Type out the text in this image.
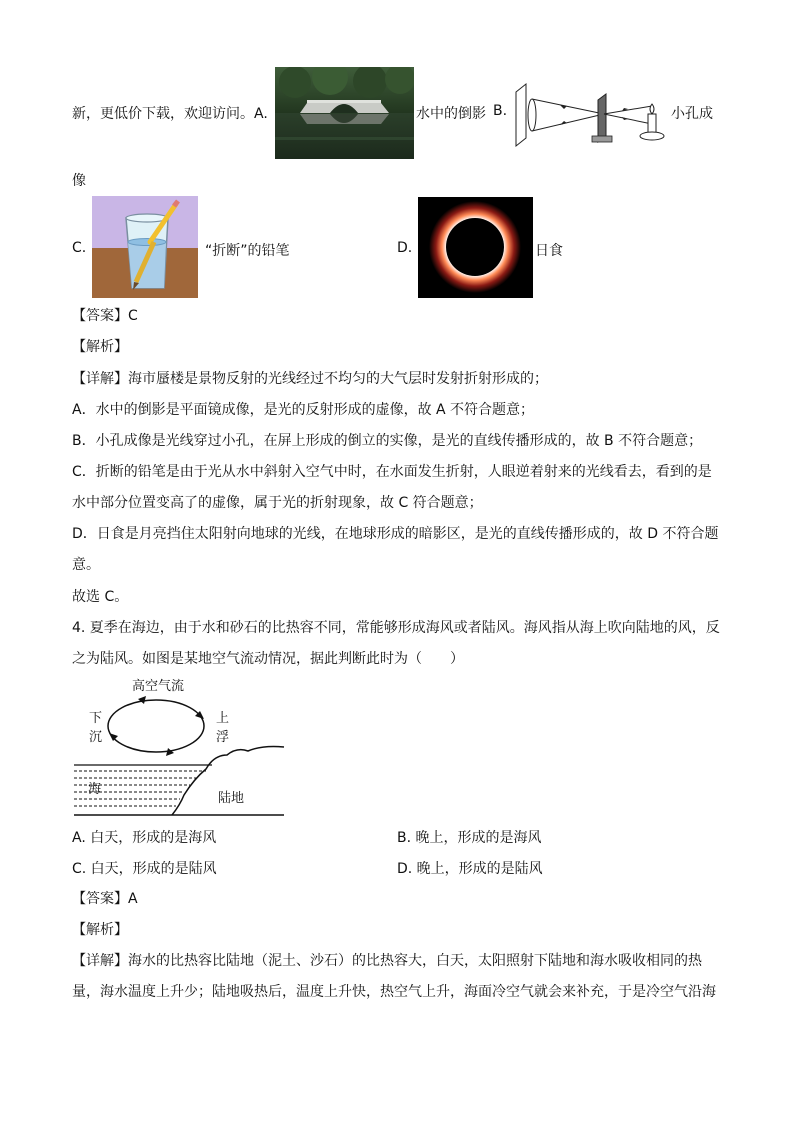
新，更低价下载，欢迎访问。A.	水中的倒影 B.	小孔成
像
C.	“折断”的铅笔	D.	日食
【答案】C
【解析】
【详解】海市蜃楼是景物反射的光线经过不均匀的大气层时发射折射形成的；
A．水中的倒影是平面镜成像，是光的反射形成的虚像，故 A 不符合题意；
B．小孔成像是光线穿过小孔，在屏上形成的倒立的实像，是光的直线传播形成的，故 B 不符合题意；
C．折断的铅笔是由于光从水中斜射入空气中时，在水面发生折射，人眼逆着射来的光线看去，看到的是
水中部分位置变高了的虚像，属于光的折射现象，故 C 符合题意；
D．日食是月亮挡住太阳射向地球的光线，在地球形成的暗影区，是光的直线传播形成的，故 D 不符合题
意。
故选 C。
4. 夏季在海边，由于水和砂石的比热容不同，常能够形成海风或者陆风。海风指从海上吹向陆地的风，反
之为陆风。如图是某地空气流动情况，据此判断此时为（　　）
高空气流
下
沉
上
浮
海
陆地
A. 白天，形成的是海风	B. 晚上，形成的是海风
C. 白天，形成的是陆风	D. 晚上，形成的是陆风
【答案】A
【解析】
【详解】海水的比热容比陆地（泥土、沙石）的比热容大，白天，太阳照射下陆地和海水吸收相同的热
量，海水温度上升少；陆地吸热后，温度上升快，热空气上升，海面冷空气就会来补充，于是冷空气沿海
